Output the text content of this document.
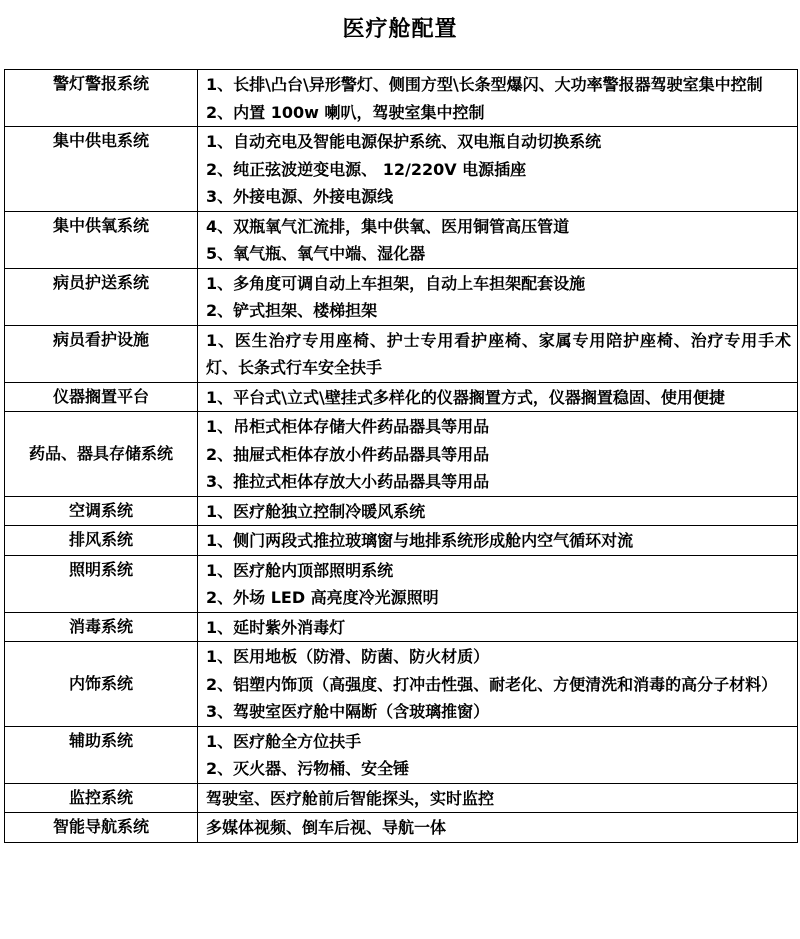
医疗舱配置
警灯警报系统	1、长排\凸台\异形警灯、侧围方型\长条型爆闪、大功率警报器驾驶室集中控制
2、内置 100w 喇叭，驾驶室集中控制

集中供电系统	1、自动充电及智能电源保护系统、双电瓶自动切换系统
2、纯正弦波逆变电源、 12/220V 电源插座
3、外接电源、外接电源线

集中供氧系统	4、双瓶氧气汇流排，集中供氧、医用铜管高压管道
5、氧气瓶、氧气中端、湿化器

病员护送系统	1、多角度可调自动上车担架，自动上车担架配套设施
2、铲式担架、楼梯担架

病员看护设施	1、医生治疗专用座椅、护士专用看护座椅、家属专用陪护座椅、治疗专用手术灯、长条式行车安全扶手

仪器搁置平台	1、平台式\立式\壁挂式多样化的仪器搁置方式，仪器搁置稳固、使用便捷

药品、器具存储系统	1、吊柜式柜体存储大件药品器具等用品
2、抽屉式柜体存放小件药品器具等用品
3、推拉式柜体存放大小药品器具等用品

空调系统	1、医疗舱独立控制冷暖风系统

排风系统	1、侧门两段式推拉玻璃窗与地排系统形成舱内空气循环对流

照明系统	1、医疗舱内顶部照明系统
2、外场 LED 高亮度冷光源照明

消毒系统	1、延时紫外消毒灯

内饰系统	1、医用地板（防滑、防菌、防火材质）
2、铝塑内饰顶（高强度、打冲击性强、耐老化、方便清洗和消毒的高分子材料）
3、驾驶室医疗舱中隔断（含玻璃推窗）

辅助系统	1、医疗舱全方位扶手
2、灭火器、污物桶、安全锤

监控系统	驾驶室、医疗舱前后智能探头，实时监控

智能导航系统	多媒体视频、倒车后视、导航一体
